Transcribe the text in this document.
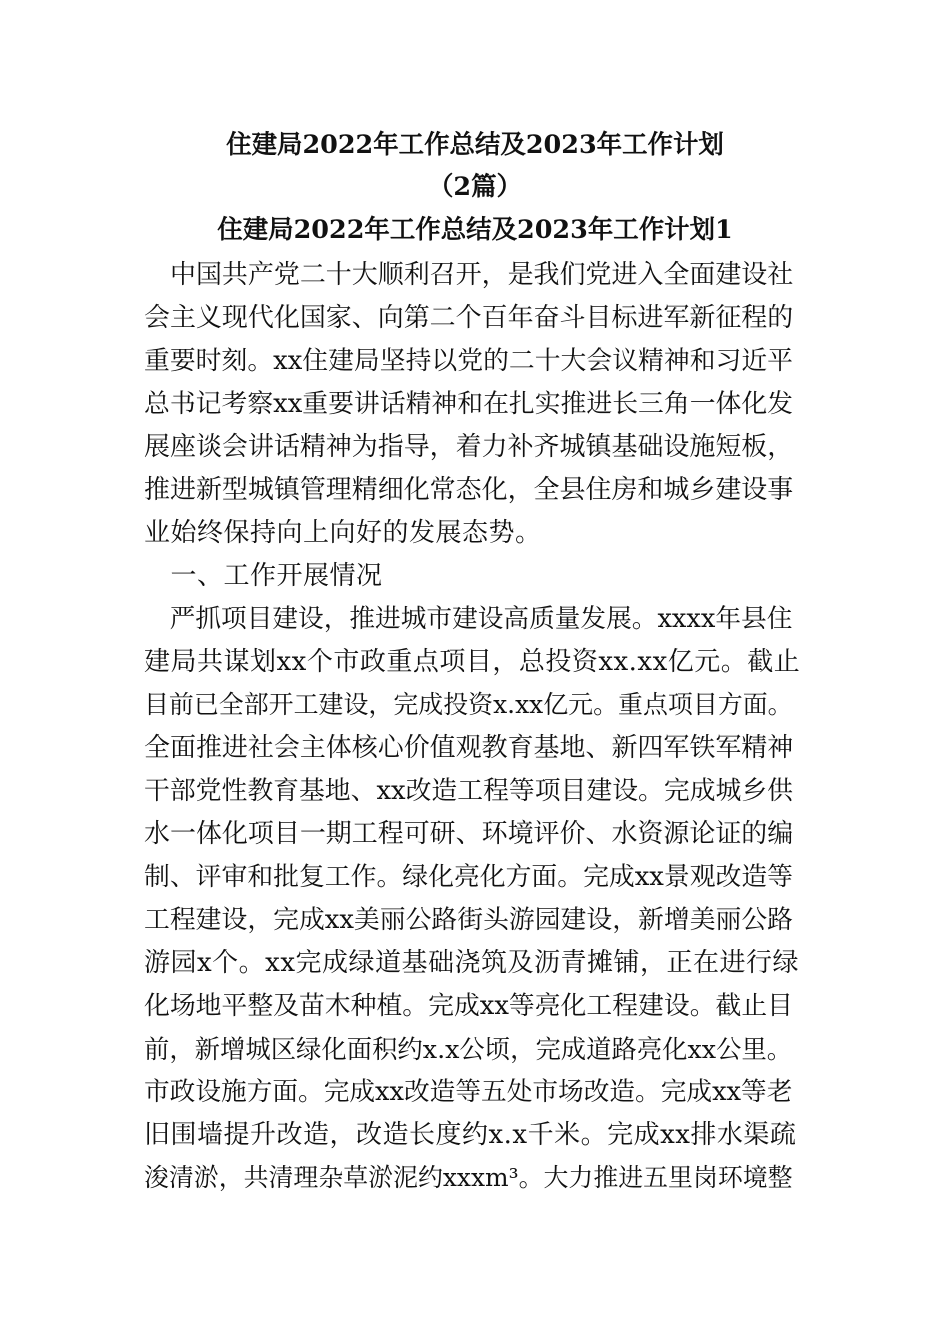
住建局2022年工作总结及2023年工作计划
（2篇）
住建局2022年工作总结及2023年工作计划1
　中国共产党二十大顺利召开，是我们党进入全面建设社
会主义现代化国家、向第二个百年奋斗目标进军新征程的
重要时刻。xx住建局坚持以党的二十大会议精神和习近平
总书记考察xx重要讲话精神和在扎实推进长三角一体化发
展座谈会讲话精神为指导，着力补齐城镇基础设施短板，
推进新型城镇管理精细化常态化，全县住房和城乡建设事
业始终保持向上向好的发展态势。
　一、工作开展情况
　严抓项目建设，推进城市建设高质量发展。xxxx年县住
建局共谋划xx个市政重点项目，总投资xx.xx亿元。截止
目前已全部开工建设，完成投资x.xx亿元。重点项目方面。
全面推进社会主体核心价值观教育基地、新四军铁军精神
干部党性教育基地、xx改造工程等项目建设。完成城乡供
水一体化项目一期工程可研、环境评价、水资源论证的编
制、评审和批复工作。绿化亮化方面。完成xx景观改造等
工程建设，完成xx美丽公路街头游园建设，新增美丽公路
游园x个。xx完成绿道基础浇筑及沥青摊铺，正在进行绿
化场地平整及苗木种植。完成xx等亮化工程建设。截止目
前，新增城区绿化面积约x.x公顷，完成道路亮化xx公里。
市政设施方面。完成xx改造等五处市场改造。完成xx等老
旧围墙提升改造，改造长度约x.x千米。完成xx排水渠疏
浚清淤，共清理杂草淤泥约xxxm³。大力推进五里岗环境整
